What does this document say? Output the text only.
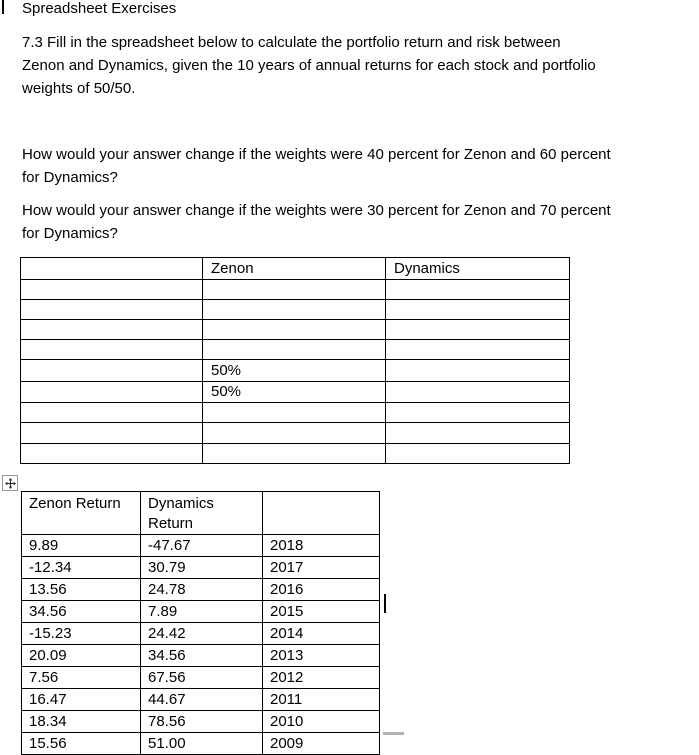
Spreadsheet Exercises
7.3 Fill in the spreadsheet below to calculate the portfolio return and risk between
Zenon and Dynamics, given the 10 years of annual returns for each stock and portfolio
weights of 50/50.
How would your answer change if the weights were 40 percent for Zenon and 60 percent
for Dynamics?
How would your answer change if the weights were 30 percent for Zenon and 70 percent
for Dynamics?
	Zenon	Dynamics

	50%	
	50%	

Zenon Return	Dynamics Return	
9.89	-47.67	2018
-12.34	30.79	2017
13.56	24.78	2016
34.56	7.89	2015
-15.23	24.42	2014
20.09	34.56	2013
7.56	67.56	2012
16.47	44.67	2011
18.34	78.56	2010
15.56	51.00	2009
